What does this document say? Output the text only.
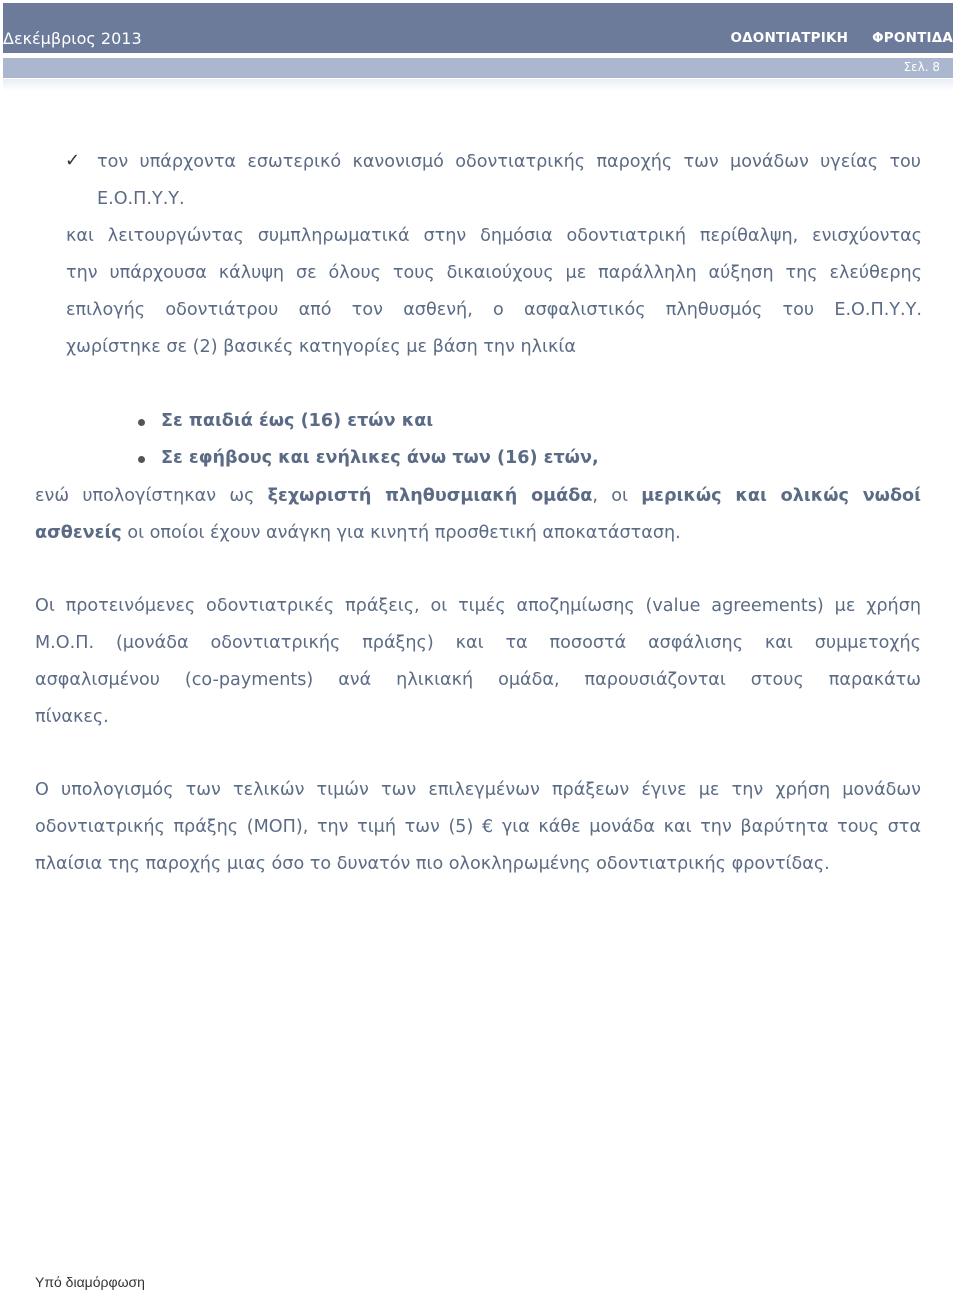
Δεκέμβριος 2013	ΟΔΟΝΤΙΑΤΡΙΚΗ ΦΡΟΝΤΙΔΑ
Σελ. 8
✓ τον υπάρχοντα εσωτερικό κανονισμό οδοντιατρικής παροχής των μονάδων υγείας του
Ε.Ο.Π.Υ.Υ.
και λειτουργώντας συμπληρωματικά στην δημόσια οδοντιατρική περίθαλψη, ενισχύοντας
την υπάρχουσα κάλυψη σε όλους τους δικαιούχους με παράλληλη αύξηση της ελεύθερης
επιλογής οδοντιάτρου από τον ασθενή, ο ασφαλιστικός πληθυσμός του Ε.Ο.Π.Υ.Υ.
χωρίστηκε σε (2) βασικές κατηγορίες με βάση την ηλικία
Σε παιδιά έως (16) ετών και
Σε εφήβους και ενήλικες άνω των (16) ετών,
ενώ υπολογίστηκαν ως ξεχωριστή πληθυσμιακή ομάδα, οι μερικώς και ολικώς νωδοί
ασθενείς οι οποίοι έχουν ανάγκη για κινητή προσθετική αποκατάσταση.
Οι προτεινόμενες οδοντιατρικές πράξεις, οι τιμές αποζημίωσης (value agreements) με χρήση
Μ.Ο.Π. (μονάδα οδοντιατρικής πράξης) και τα ποσοστά ασφάλισης και συμμετοχής
ασφαλισμένου (co-payments) ανά ηλικιακή ομάδα, παρουσιάζονται στους παρακάτω
πίνακες.
Ο υπολογισμός των τελικών τιμών των επιλεγμένων πράξεων έγινε με την χρήση μονάδων
οδοντιατρικής πράξης (ΜΟΠ), την τιμή των (5) € για κάθε μονάδα και την βαρύτητα τους στα
πλαίσια της παροχής μιας όσο το δυνατόν πιο ολοκληρωμένης οδοντιατρικής φροντίδας.
Υπό διαμόρφωση
